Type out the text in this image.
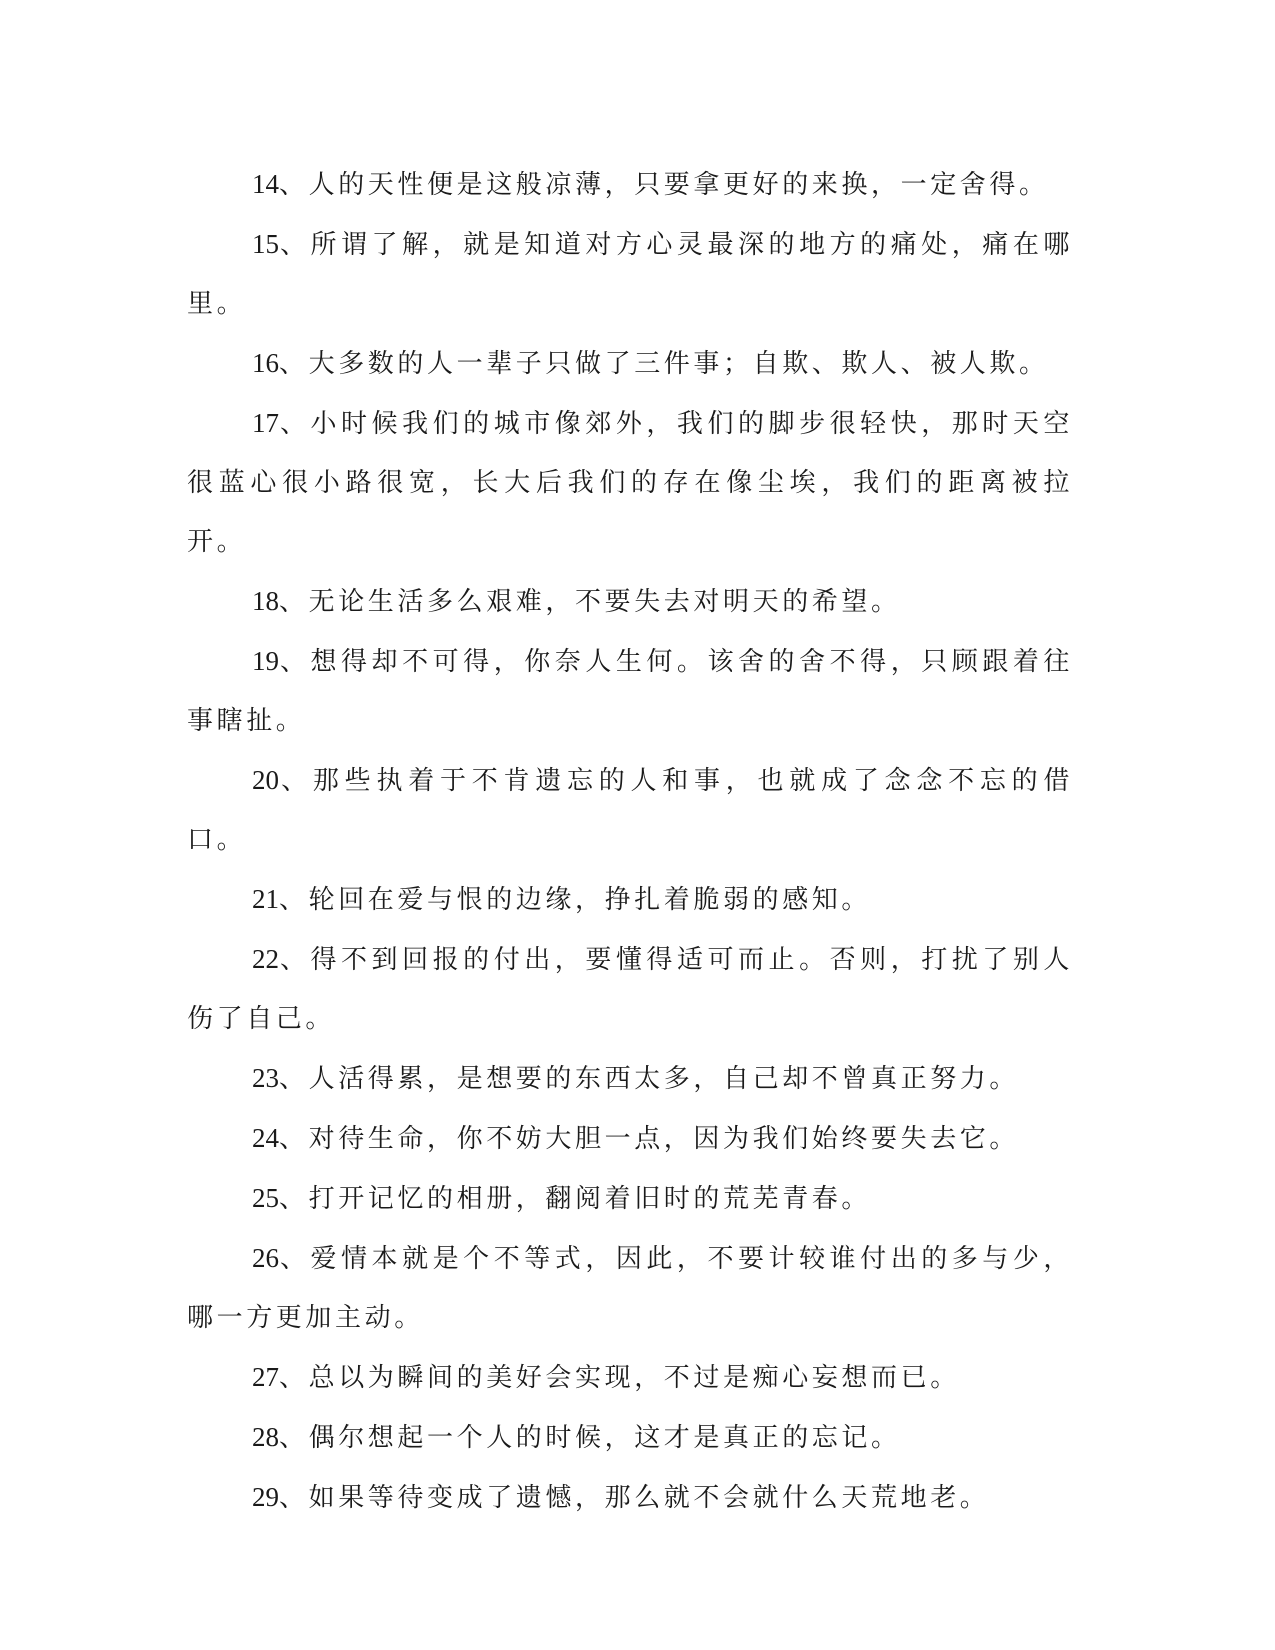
14、人的天性便是这般凉薄，只要拿更好的来换，一定舍得。

15、所谓了解，就是知道对方心灵最深的地方的痛处，痛在哪里。

16、大多数的人一辈子只做了三件事；自欺、欺人、被人欺。

17、小时候我们的城市像郊外，我们的脚步很轻快，那时天空很蓝心很小路很宽，长大后我们的存在像尘埃，我们的距离被拉开。

18、无论生活多么艰难，不要失去对明天的希望。

19、想得却不可得，你奈人生何。该舍的舍不得，只顾跟着往事瞎扯。

20、那些执着于不肯遗忘的人和事，也就成了念念不忘的借口。

21、轮回在爱与恨的边缘，挣扎着脆弱的感知。

22、得不到回报的付出，要懂得适可而止。否则，打扰了别人伤了自己。

23、人活得累，是想要的东西太多，自己却不曾真正努力。

24、对待生命，你不妨大胆一点，因为我们始终要失去它。

25、打开记忆的相册，翻阅着旧时的荒芜青春。

26、爱情本就是个不等式，因此，不要计较谁付出的多与少，哪一方更加主动。

27、总以为瞬间的美好会实现，不过是痴心妄想而已。

28、偶尔想起一个人的时候，这才是真正的忘记。

29、如果等待变成了遗憾，那么就不会就什么天荒地老。
